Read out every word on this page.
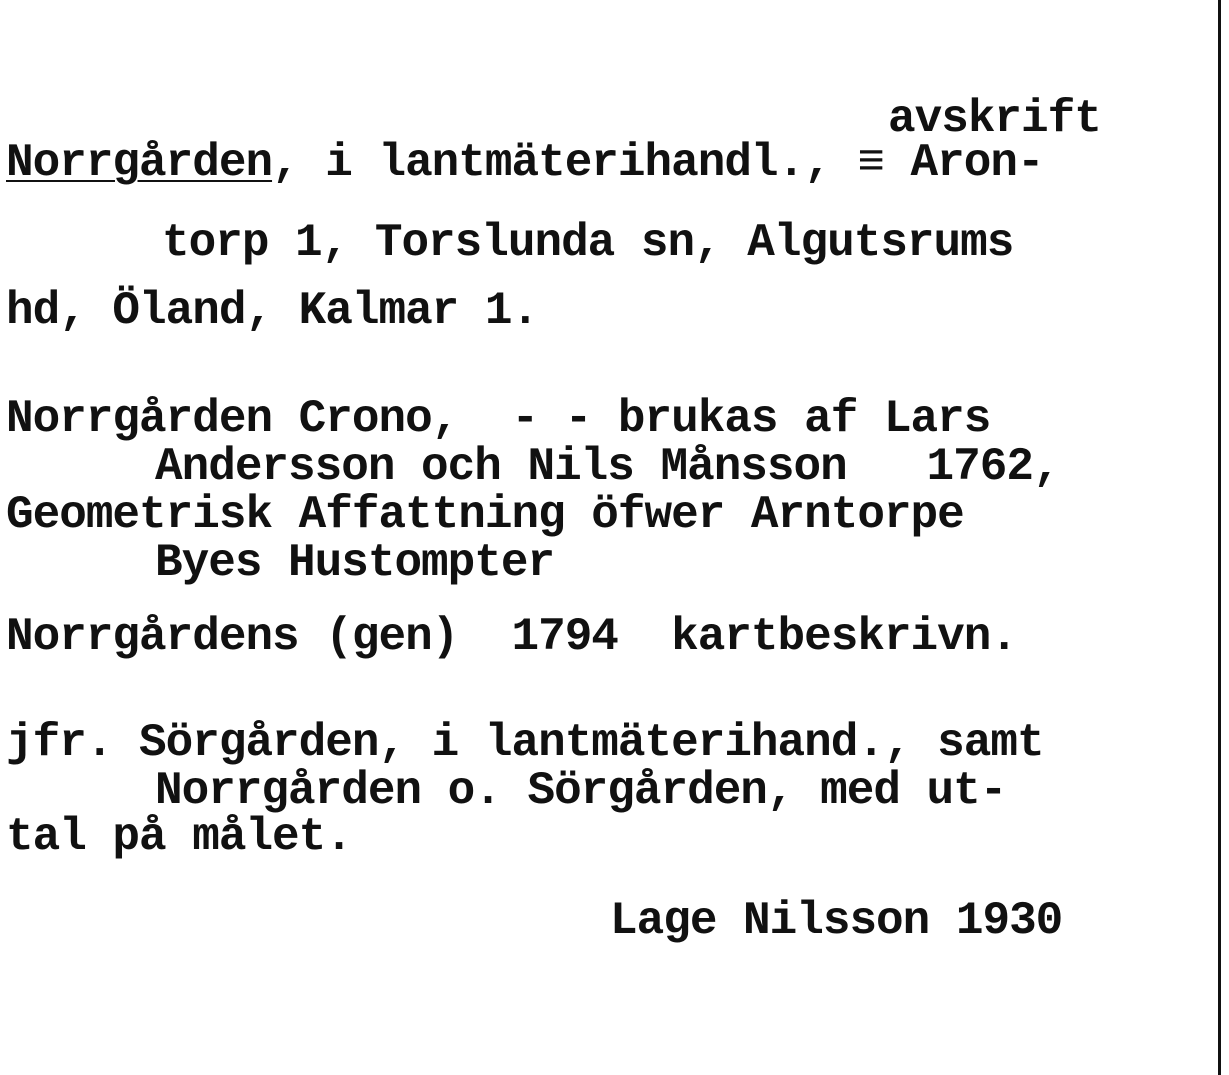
avskrift
Norrgården, i lantmäterihandl., ≡ Aron-
torp 1, Torslunda sn, Algutsrums
hd, Öland, Kalmar 1.
Norrgården Crono,  - - brukas af Lars
Andersson och Nils Månsson   1762,
Geometrisk Affattning öfwer Arntorpe
Byes Hustompter
Norrgårdens (gen)  1794  kartbeskrivn.
jfr. Sörgården, i lantmäterihand., samt
Norrgården o. Sörgården, med ut-
tal på målet.
Lage Nilsson 1930
